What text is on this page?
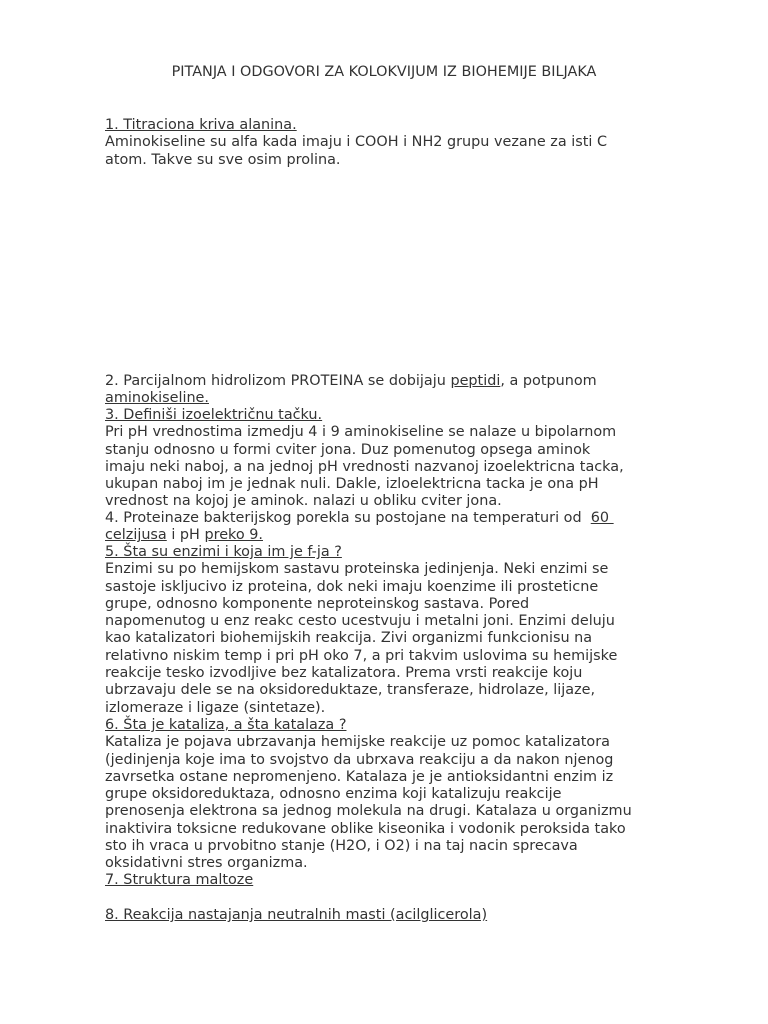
PITANJA I ODGOVORI ZA KOLOKVIJUM IZ BIOHEMIJE BILJAKA
1. Titraciona kriva alanina.
Aminokiseline su alfa kada imaju i COOH i NH2 grupu vezane za isti C
atom. Takve su sve osim prolina.
2. Parcijalnom hidrolizom PROTEINA se dobijaju peptidi, a potpunom
aminokiseline.
3. Definiši izoelektričnu tačku.
Pri pH vrednostima izmedju 4 i 9 aminokiseline se nalaze u bipolarnom
stanju odnosno u formi cviter jona. Duz pomenutog opsega aminok
imaju neki naboj, a na jednoj pH vrednosti nazvanoj izoelektricna tacka,
ukupan naboj im je jednak nuli. Dakle, izloelektricna tacka je ona pH
vrednost na kojoj je aminok. nalazi u obliku cviter jona.
4. Proteinaze bakterijskog porekla su postojane na temperaturi od  60
celzijusa i pH preko 9.
5. Šta su enzimi i koja im je f-ja ?
Enzimi su po hemijskom sastavu proteinska jedinjenja. Neki enzimi se
sastoje iskljucivo iz proteina, dok neki imaju koenzime ili prosteticne
grupe, odnosno komponente neproteinskog sastava. Pored
napomenutog u enz reakc cesto ucestvuju i metalni joni. Enzimi deluju
kao katalizatori biohemijskih reakcija. Zivi organizmi funkcionisu na
relativno niskim temp i pri pH oko 7, a pri takvim uslovima su hemijske
reakcije tesko izvodljive bez katalizatora. Prema vrsti reakcije koju
ubrzavaju dele se na oksidoreduktaze, transferaze, hidrolaze, lijaze,
izlomeraze i ligaze (sintetaze).
6. Šta je kataliza, a šta katalaza ?
Kataliza je pojava ubrzavanja hemijske reakcije uz pomoc katalizatora
(jedinjenja koje ima to svojstvo da ubrxava reakciju a da nakon njenog
zavrsetka ostane nepromenjeno. Katalaza je je antioksidantni enzim iz
grupe oksidoreduktaza, odnosno enzima koji katalizuju reakcije
prenosenja elektrona sa jednog molekula na drugi. Katalaza u organizmu
inaktivira toksicne redukovane oblike kiseonika i vodonik peroksida tako
sto ih vraca u prvobitno stanje (H2O, i O2) i na taj nacin sprecava
oksidativni stres organizma.
7. Struktura maltoze
8. Reakcija nastajanja neutralnih masti (acilglicerola)
